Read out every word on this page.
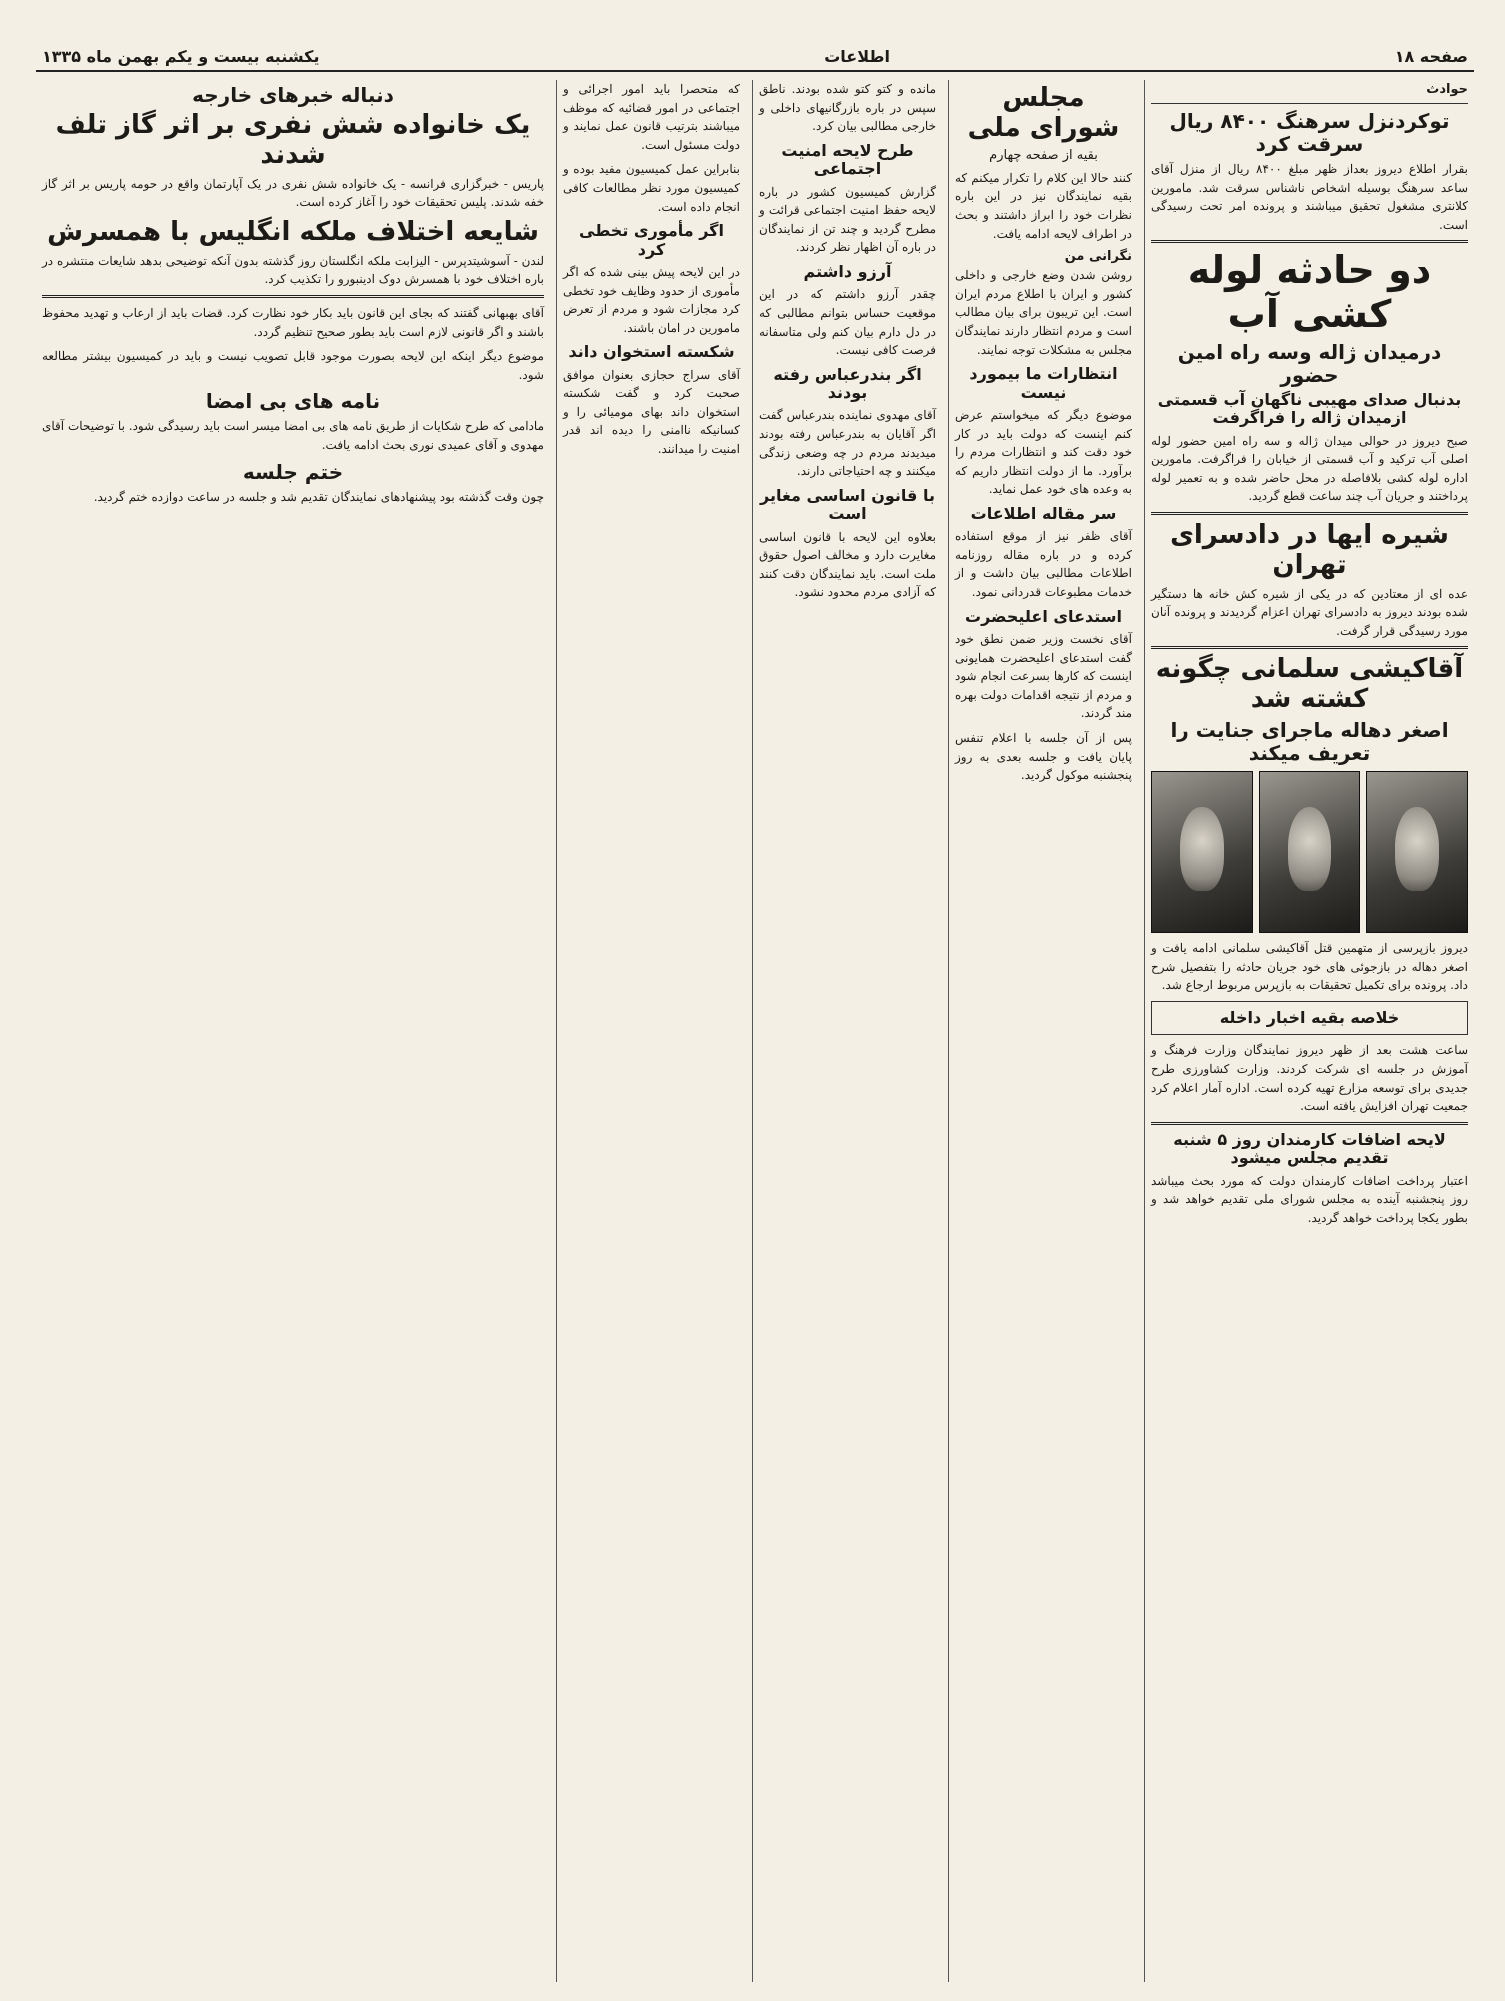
صفحه ۱۸
اطلاعات
یکشنبه بیست و یکم بهمن ماه ۱۳۳۵
حوادث
توکردنزل سرهنگ ۸۴۰۰ ریال سرقت کرد

بقرار اطلاع دیروز بعداز ظهر مبلغ ۸۴۰۰ ریال از منزل آقای ساعد سرهنگ بوسیله اشخاص ناشناس سرقت شد. مامورین کلانتری مشغول تحقیق میباشند و پرونده امر تحت رسیدگی است.

دو حادثه لوله کشی آب
درمیدان ژاله وسه راه امین حضور
بدنبال صدای مهیبی ناگهان آب قسمتی ازمیدان ژاله را فراگرفت

صبح دیروز در حوالی میدان ژاله و سه راه امین حضور لوله اصلی آب ترکید و آب قسمتی از خیابان را فراگرفت. مامورین اداره لوله کشی بلافاصله در محل حاضر شده و به تعمیر لوله پرداختند و جریان آب چند ساعت قطع گردید.

شیره ایها در دادسرای تهران

عده ای از معتادین که در یکی از شیره کش خانه ها دستگیر شده بودند دیروز به دادسرای تهران اعزام گردیدند و پرونده آنان مورد رسیدگی قرار گرفت.

آقاکیشی سلمانی چگونه کشته شد
اصغر دهاله ماجرای جنایت را تعریف میکند

دیروز بازپرسی از متهمین قتل آقاکیشی سلمانی ادامه یافت و اصغر دهاله در بازجوئی های خود جریان حادثه را بتفصیل شرح داد. پرونده برای تکمیل تحقیقات به بازپرس مربوط ارجاع شد.

خلاصه بقیه اخبار داخله

ساعت هشت بعد از ظهر دیروز نمایندگان وزارت فرهنگ و آموزش در جلسه ای شرکت کردند. وزارت کشاورزی طرح جدیدی برای توسعه مزارع تهیه کرده است. اداره آمار اعلام کرد جمعیت تهران افزایش یافته است.

لایحه اضافات کارمندان روز ۵ شنبه تقدیم مجلس میشود

اعتبار پرداخت اضافات کارمندان دولت که مورد بحث میباشد روز پنجشنبه آینده به مجلس شورای ملی تقدیم خواهد شد و بطور یکجا پرداخت خواهد گردید.

مجلس شورای ملی
بقیه از صفحه چهارم

کنند حالا این کلام را تکرار میکنم که بقیه نمایندگان نیز در این باره نظرات خود را ابراز داشتند و بحث در اطراف لایحه ادامه یافت.

نگرانی من

روشن شدن وضع خارجی و داخلی کشور و ایران با اطلاع مردم ایران است. این تریبون برای بیان مطالب است و مردم انتظار دارند نمایندگان مجلس به مشکلات توجه نمایند.

انتظارات ما بیمورد نیست

موضوع دیگر که میخواستم عرض کنم اینست که دولت باید در کار خود دقت کند و انتظارات مردم را برآورد. ما از دولت انتظار داریم که به وعده های خود عمل نماید.

سر مقاله اطلاعات

آقای ظفر نیز از موقع استفاده کرده و در باره مقاله روزنامه اطلاعات مطالبی بیان داشت و از خدمات مطبوعات قدردانی نمود.

استدعای اعلیحضرت

آقای نخست وزیر ضمن نطق خود گفت استدعای اعلیحضرت همایونی اینست که کارها بسرعت انجام شود و مردم از نتیجه اقدامات دولت بهره مند گردند.

پس از آن جلسه با اعلام تنفس پایان یافت و جلسه بعدی به روز پنجشنبه موکول گردید.

مانده و کتو کتو شده بودند. ناطق سپس در باره بازرگانیهای داخلی و خارجی مطالبی بیان کرد.

طرح لایحه امنیت اجتماعی

گزارش کمیسیون کشور در باره لایحه حفظ امنیت اجتماعی قرائت و مطرح گردید و چند تن از نمایندگان در باره آن اظهار نظر کردند.

آرزو داشتم

چقدر آرزو داشتم که در این موقعیت حساس بتوانم مطالبی که در دل دارم بیان کنم ولی متاسفانه فرصت کافی نیست.

اگر بندرعباس رفته بودند

آقای مهدوی نماینده بندرعباس گفت اگر آقایان به بندرعباس رفته بودند میدیدند مردم در چه وضعی زندگی میکنند و چه احتیاجاتی دارند.

با قانون اساسی مغایر است

بعلاوه این لایحه با قانون اساسی مغایرت دارد و مخالف اصول حقوق ملت است. باید نمایندگان دقت کنند که آزادی مردم محدود نشود.

که متحصرا باید امور اجرائی و اجتماعی در امور قضائیه که موظف میباشند بترتیب قانون عمل نمایند و دولت مسئول است.

بنابراین عمل کمیسیون مفید بوده و کمیسیون مورد نظر مطالعات کافی انجام داده است.

اگر مأموری تخطی کرد

در این لایحه پیش بینی شده که اگر مأموری از حدود وظایف خود تخطی کرد مجازات شود و مردم از تعرض مامورین در امان باشند.

شکسته استخوان داند

آقای سراج حجازی بعنوان موافق صحبت کرد و گفت شکسته استخوان داند بهای مومیائی را و کسانیکه ناامنی را دیده اند قدر امنیت را میدانند.

دنباله خبرهای خارجه
یک خانواده شش نفری بر اثر گاز تلف شدند

پاریس - خبرگزاری فرانسه - یک خانواده شش نفری در یک آپارتمان واقع در حومه پاریس بر اثر گاز خفه شدند. پلیس تحقیقات خود را آغاز کرده است.

شایعه اختلاف ملکه انگلیس با همسرش

لندن - آسوشیتدپرس - الیزابت ملکه انگلستان روز گذشته بدون آنکه توضیحی بدهد شایعات منتشره در باره اختلاف خود با همسرش دوک ادینبورو را تکذیب کرد.

آقای بهبهانی گفتند که بجای این قانون باید بکار خود نظارت کرد. قضات باید از ارعاب و تهدید محفوظ باشند و اگر قانونی لازم است باید بطور صحیح تنظیم گردد.

موضوع دیگر اینکه این لایحه بصورت موجود قابل تصویب نیست و باید در کمیسیون بیشتر مطالعه شود.

نامه های بی امضا

مادامی که طرح شکایات از طریق نامه های بی امضا میسر است باید رسیدگی شود. با توضیحات آقای مهدوی و آقای عمیدی نوری بحث ادامه یافت.

ختم جلسه

چون وقت گذشته بود پیشنهادهای نمایندگان تقدیم شد و جلسه در ساعت دوازده ختم گردید.
